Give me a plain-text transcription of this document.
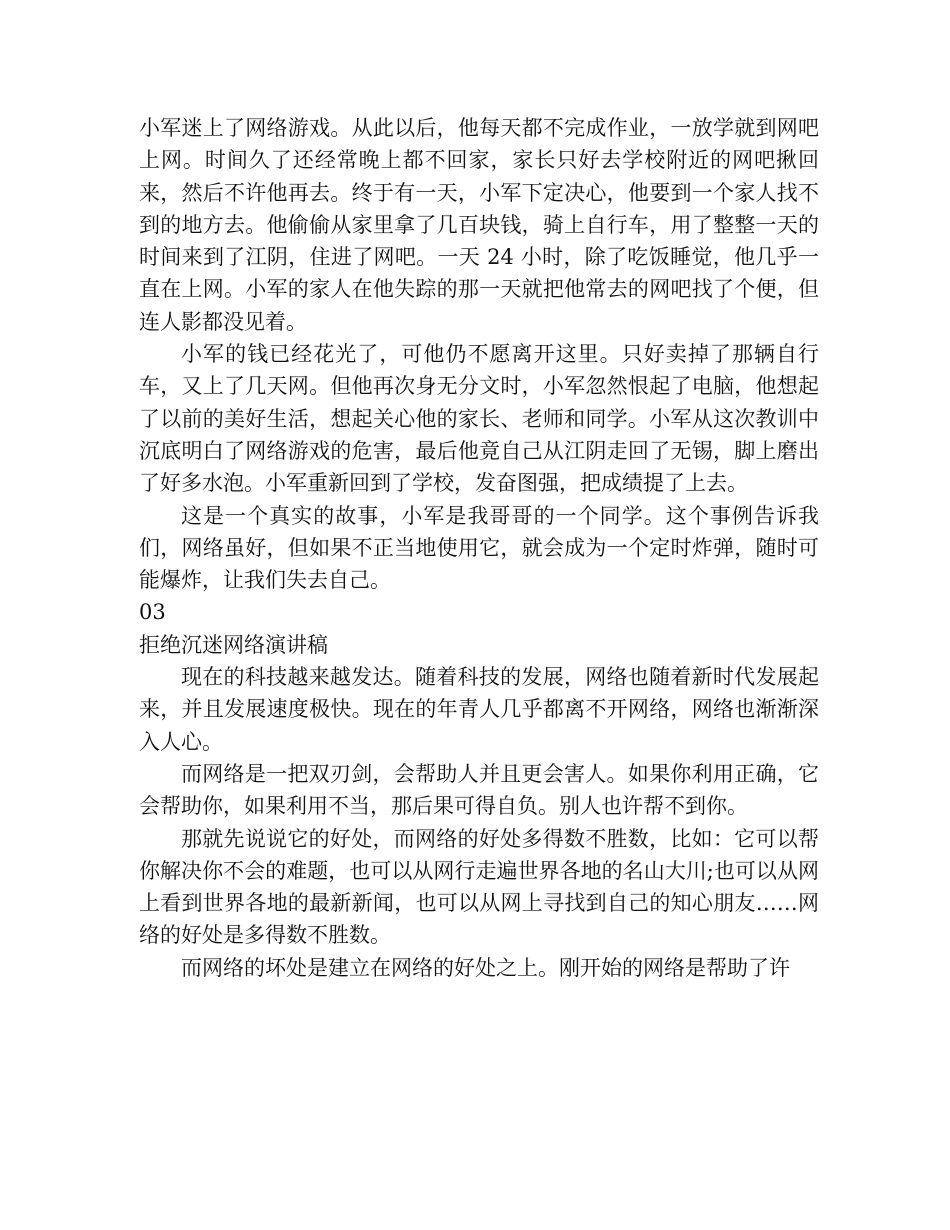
小军迷上了网络游戏。从此以后，他每天都不完成作业，一放学就到网吧上网。时间久了还经常晚上都不回家，家长只好去学校附近的网吧揪回来，然后不许他再去。终于有一天，小军下定决心，他要到一个家人找不到的地方去。他偷偷从家里拿了几百块钱，骑上自行车，用了整整一天的时间来到了江阴，住进了网吧。一天 24 小时，除了吃饭睡觉，他几乎一直在上网。小军的家人在他失踪的那一天就把他常去的网吧找了个便，但连人影都没见着。

小军的钱已经花光了，可他仍不愿离开这里。只好卖掉了那辆自行车，又上了几天网。但他再次身无分文时，小军忽然恨起了电脑，他想起了以前的美好生活，想起关心他的家长、老师和同学。小军从这次教训中沉底明白了网络游戏的危害，最后他竟自己从江阴走回了无锡，脚上磨出了好多水泡。小军重新回到了学校，发奋图强，把成绩提了上去。

这是一个真实的故事，小军是我哥哥的一个同学。这个事例告诉我们，网络虽好，但如果不正当地使用它，就会成为一个定时炸弹，随时可能爆炸，让我们失去自己。

03

拒绝沉迷网络演讲稿

现在的科技越来越发达。随着科技的发展，网络也随着新时代发展起来，并且发展速度极快。现在的年青人几乎都离不开网络，网络也渐渐深入人心。

而网络是一把双刃剑，会帮助人并且更会害人。如果你利用正确，它会帮助你，如果利用不当，那后果可得自负。别人也许帮不到你。

那就先说说它的好处，而网络的好处多得数不胜数，比如：它可以帮你解决你不会的难题，也可以从网行走遍世界各地的名山大川;也可以从网上看到世界各地的最新新闻，也可以从网上寻找到自己的知心朋友……网络的好处是多得数不胜数。

而网络的坏处是建立在网络的好处之上。刚开始的网络是帮助了许
